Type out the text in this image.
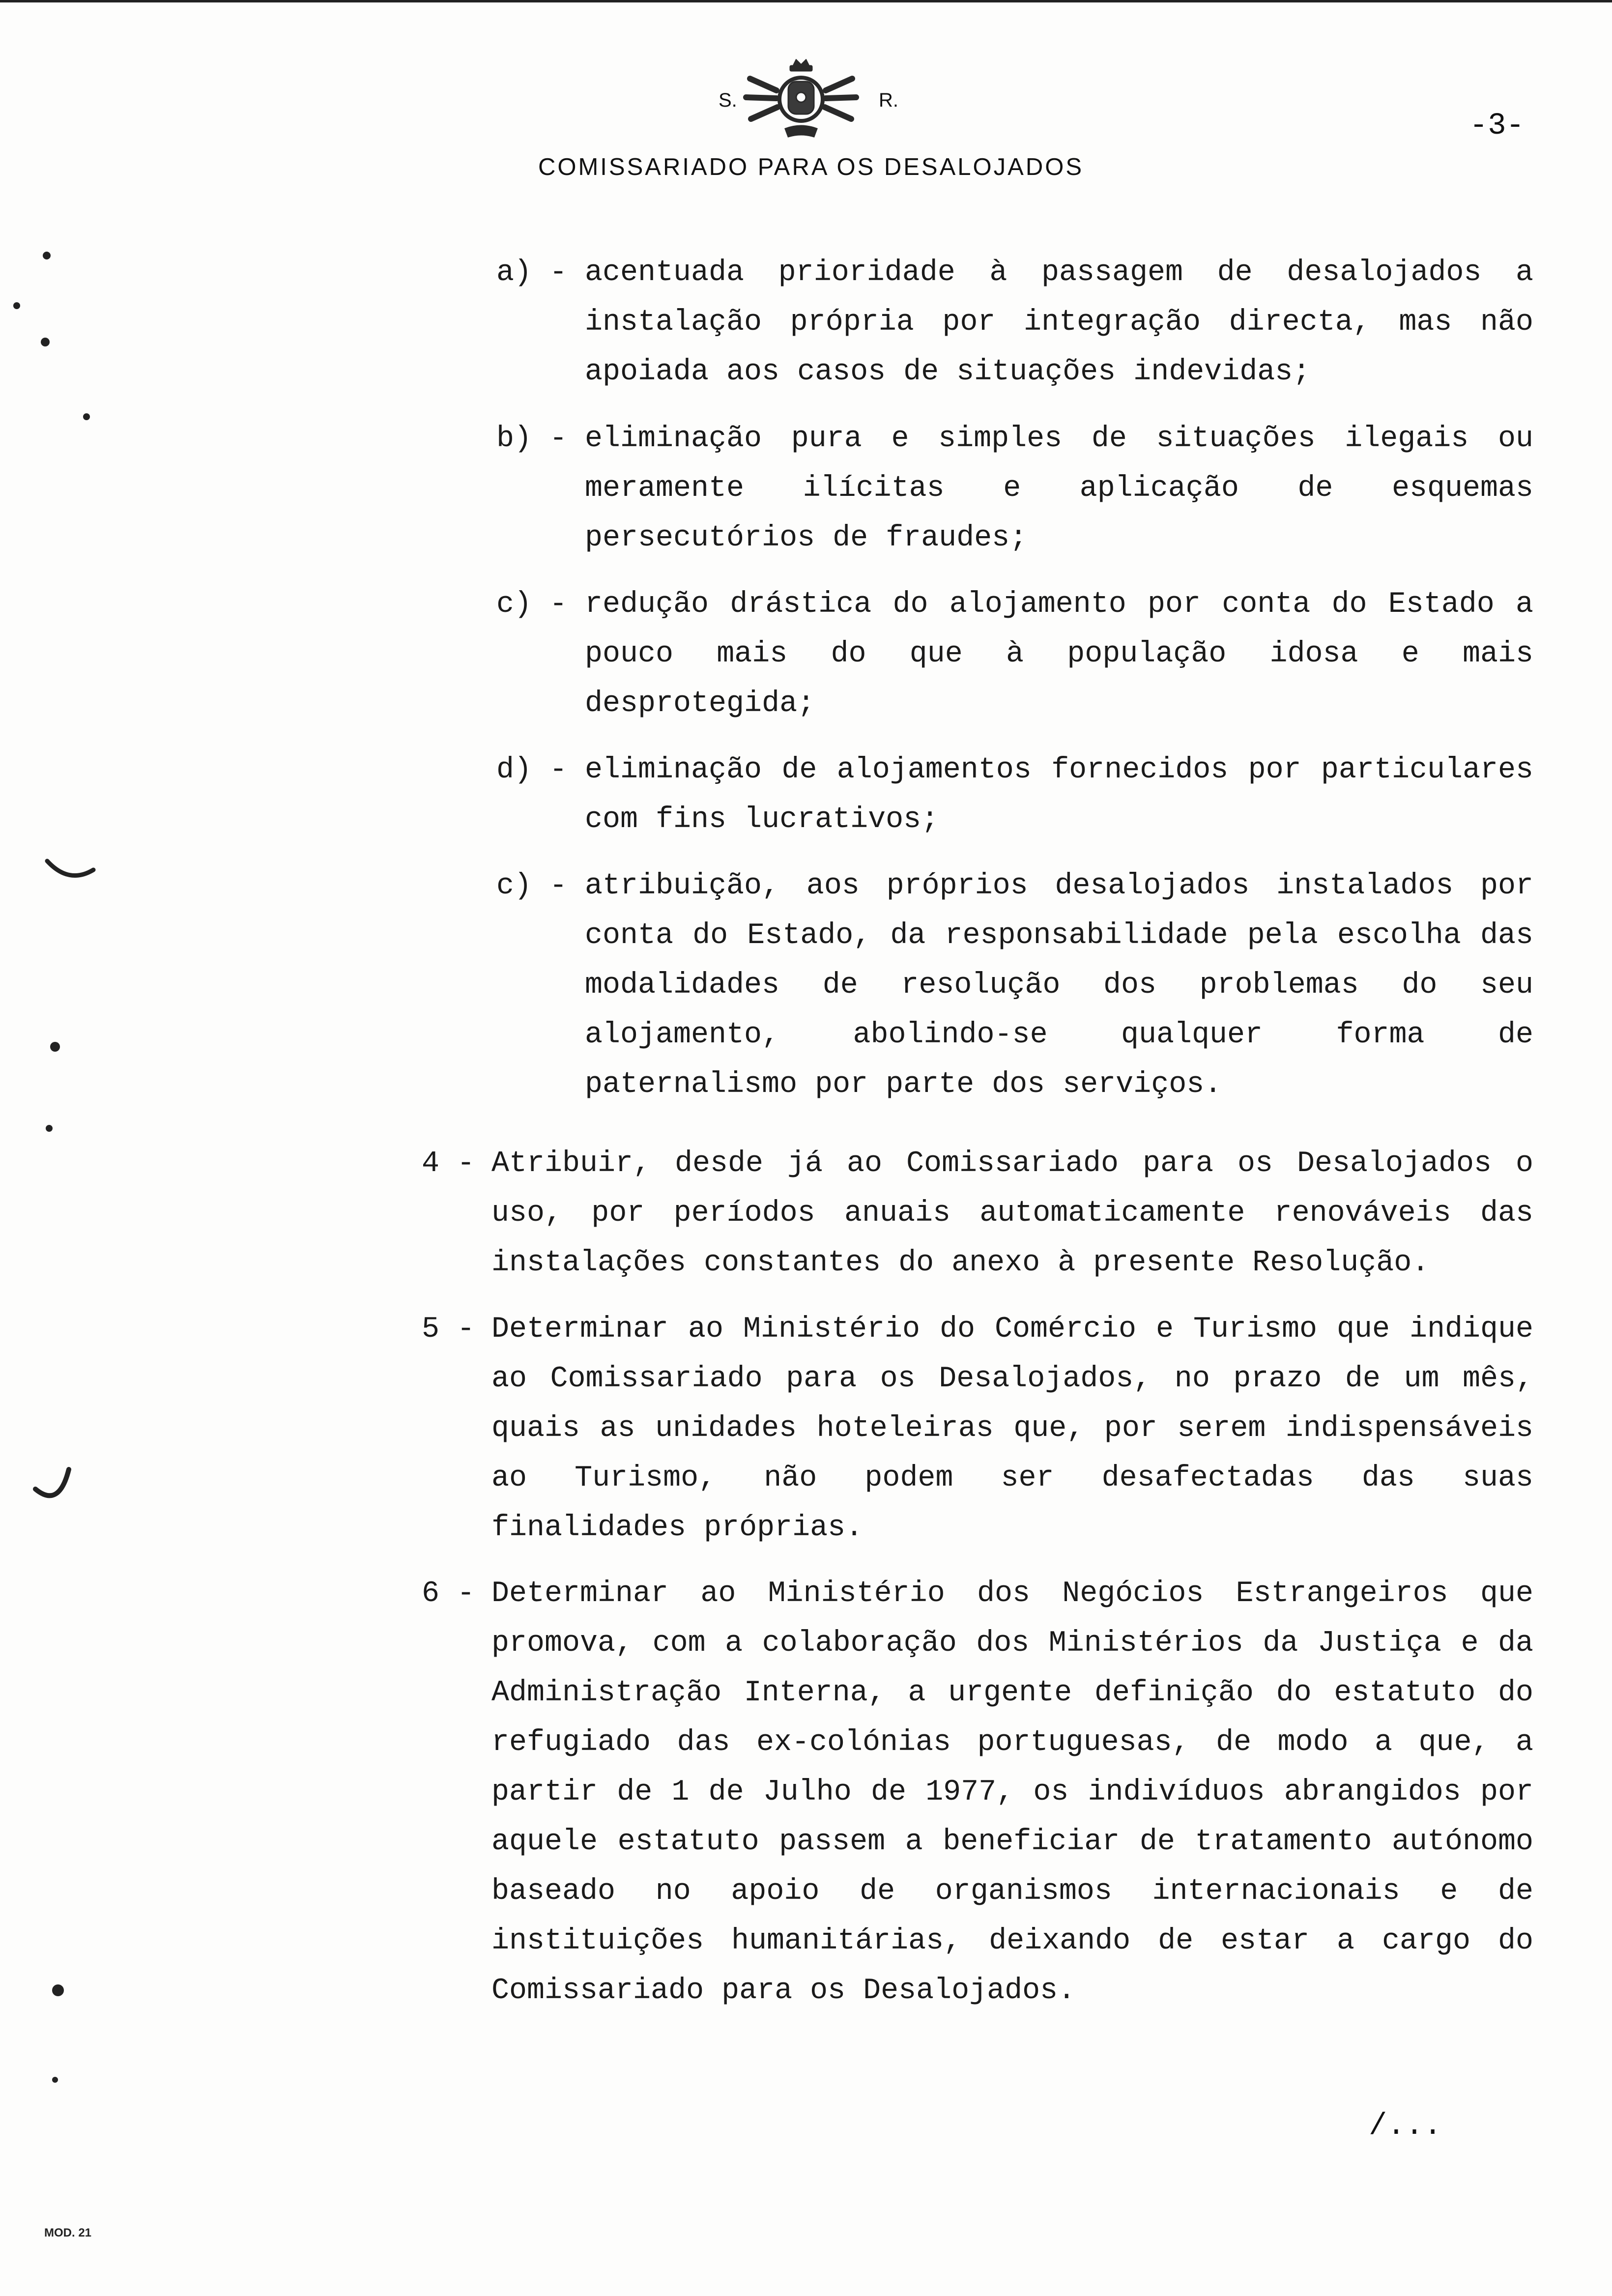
S.	R.
COMISSARIADO PARA OS DESALOJADOS
-3-
a) - acentuada prioridade à passagem de desalojados a instalação própria por integração directa, mas não apoiada aos casos de situações indevidas;
b) - eliminação pura e simples de situações ilegais ou meramente ilícitas e aplicação de esquemas persecutórios de fraudes;
c) - redução drástica do alojamento por conta do Estado a pouco mais do que à população idosa e mais desprotegida;
d) - eliminação de alojamentos fornecidos por particulares com fins lucrativos;
c) - atribuição, aos próprios desalojados instalados por conta do Estado, da responsabilidade pela escolha das modalidades de resolução dos problemas do seu alojamento, abolindo-se qualquer forma de paternalismo por parte dos serviços.
4 - Atribuir, desde já ao Comissariado para os Desalojados o uso, por períodos anuais automaticamente renováveis das instalações constantes do anexo à presente Resolução.
5 - Determinar ao Ministério do Comércio e Turismo que indique ao Comissariado para os Desalojados, no prazo de um mês, quais as unidades hoteleiras que, por serem indispensáveis ao Turismo, não podem ser desafectadas das suas finalidades próprias.
6 - Determinar ao Ministério dos Negócios Estrangeiros que promova, com a colaboração dos Ministérios da Justiça e da Administração Interna, a urgente definição do estatuto do refugiado das ex-colónias portuguesas, de modo a que, a partir de 1 de Julho de 1977, os indivíduos abrangidos por aquele estatuto passem a beneficiar de tratamento autónomo baseado no apoio de organismos internacionais e de instituições humanitárias, deixando de estar a cargo do Comissariado para os Desalojados.
/...
MOD. 21
